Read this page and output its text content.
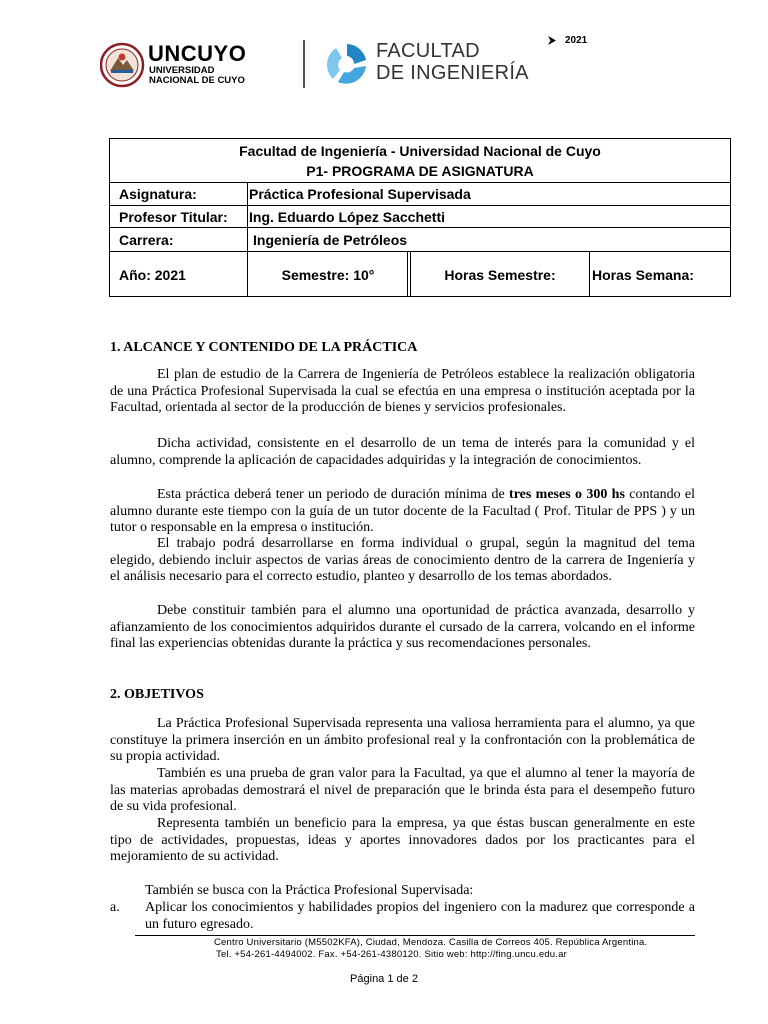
UNCUYO
UNIVERSIDAD
NACIONAL DE CUYO
FACULTAD
DE INGENIERÍA
2021
Facultad de Ingeniería - Universidad Nacional de Cuyo
P1- PROGRAMA DE ASIGNATURA
Asignatura:	Práctica Profesional Supervisada
Profesor Titular:	Ing. Eduardo López Sacchetti
Carrera:	Ingeniería de Petróleos
Año: 2021	Semestre: 10°	Horas Semestre:	Horas Semana:
1. ALCANCE Y CONTENIDO DE LA PRÁCTICA
El plan de estudio de la Carrera de Ingeniería de Petróleos establece la realización obligatoria de una Práctica Profesional Supervisada la cual se efectúa en una empresa o institución aceptada por la Facultad, orientada al sector de la producción de bienes y servicios profesionales.
Dicha actividad, consistente en el desarrollo de un tema de interés para la comunidad y el alumno, comprende la aplicación de capacidades adquiridas y la integración de conocimientos.
Esta práctica deberá tener un periodo de duración mínima de tres meses o 300 hs contando el alumno durante este tiempo con la guía de un tutor docente de la Facultad ( Prof. Titular de PPS ) y un tutor o responsable en la empresa o institución.
El trabajo podrá desarrollarse en forma individual o grupal, según la magnitud del tema elegido, debiendo incluir aspectos de varias áreas de conocimiento dentro de la carrera de Ingeniería y el análisis necesario para el correcto estudio, planteo y desarrollo de los temas abordados.
Debe constituir también para el alumno una oportunidad de práctica avanzada, desarrollo y afianzamiento de los conocimientos adquiridos durante el cursado de la carrera, volcando en el informe final las experiencias obtenidas durante la práctica y sus recomendaciones personales.
2. OBJETIVOS
La Práctica Profesional Supervisada representa una valiosa herramienta para el alumno, ya que constituye la primera inserción en un ámbito profesional real y la confrontación con la problemática de su propia actividad.
También es una prueba de gran valor para la Facultad, ya que el alumno al tener la mayoría de las materias aprobadas demostrará el nivel de preparación que le brinda ésta para el desempeño futuro de su vida profesional.
Representa también un beneficio para la empresa, ya que éstas buscan generalmente en este tipo de actividades, propuestas, ideas y aportes innovadores dados por los practicantes para el mejoramiento de su actividad.
También se busca con la Práctica Profesional Supervisada:
a. Aplicar los conocimientos y habilidades propios del ingeniero con la madurez que corresponde a un futuro egresado.
Centro Universitario (M5502KFA), Ciudad, Mendoza. Casilla de Correos 405. República Argentina.
Tel. +54-261-4494002. Fax. +54-261-4380120. Sitio web: http://fing.uncu.edu.ar
Página 1 de 2
